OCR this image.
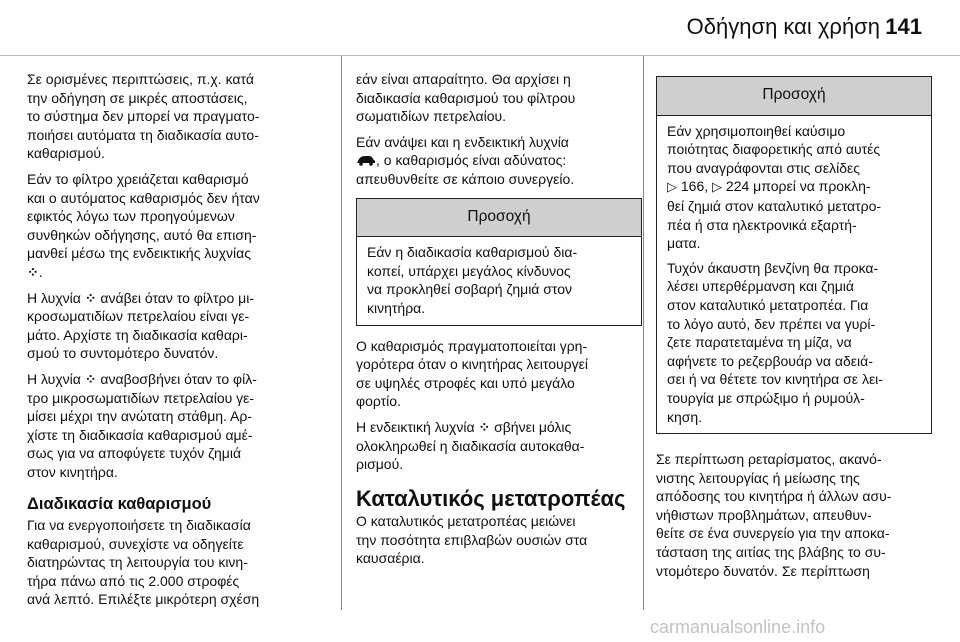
Οδήγηση και χρήση 141

Σε ορισμένες περιπτώσεις, π.χ. κατά
την οδήγηση σε μικρές αποστάσεις,
το σύστημα δεν μπορεί να πραγματο-
ποιήσει αυτόματα τη διαδικασία αυτο-
καθαρισμού.

Εάν το φίλτρο χρειάζεται καθαρισμό
και ο αυτόματος καθαρισμός δεν ήταν
εφικτός λόγω των προηγούμενων
συνθηκών οδήγησης, αυτό θα επιση-
μανθεί μέσω της ενδεικτικής λυχνίας
⁘.

Η λυχνία ⁘ ανάβει όταν το φίλτρο μι-
κροσωματιδίων πετρελαίου είναι γε-
μάτο. Αρχίστε τη διαδικασία καθαρι-
σμού το συντομότερο δυνατόν.

Η λυχνία ⁘ αναβοσβήνει όταν το φίλ-
τρο μικροσωματιδίων πετρελαίου γε-
μίσει μέχρι την ανώτατη στάθμη. Αρ-
χίστε τη διαδικασία καθαρισμού αμέ-
σως για να αποφύγετε τυχόν ζημιά
στον κινητήρα.

Διαδικασία καθαρισμού

Για να ενεργοποιήσετε τη διαδικασία
καθαρισμού, συνεχίστε να οδηγείτε
διατηρώντας τη λειτουργία του κινη-
τήρα πάνω από τις 2.000 στροφές
ανά λεπτό. Επιλέξτε μικρότερη σχέση

εάν είναι απαραίτητο. Θα αρχίσει η
διαδικασία καθαρισμού του φίλτρου
σωματιδίων πετρελαίου.

Εάν ανάψει και η ενδεικτική λυχνία
, ο καθαρισμός είναι αδύνατος:
απευθυνθείτε σε κάποιο συνεργείο.

Προσοχή

Εάν η διαδικασία καθαρισμού δια-
κοπεί, υπάρχει μεγάλος κίνδυνος
να προκληθεί σοβαρή ζημιά στον
κινητήρα.

Ο καθαρισμός πραγματοποιείται γρη-
γορότερα όταν ο κινητήρας λειτουργεί
σε υψηλές στροφές και υπό μεγάλο
φορτίο.

Η ενδεικτική λυχνία ⁘ σβήνει μόλις
ολοκληρωθεί η διαδικασία αυτοκαθα-
ρισμού.

Καταλυτικός μετατροπέας

Ο καταλυτικός μετατροπέας μειώνει
την ποσότητα επιβλαβών ουσιών στα
καυσαέρια.

Προσοχή

Εάν χρησιμοποιηθεί καύσιμο
ποιότητας διαφορετικής από αυτές
που αναγράφονται στις σελίδες
▷ 166, ▷ 224 μπορεί να προκλη-
θεί ζημιά στον καταλυτικό μετατρο-
πέα ή στα ηλεκτρονικά εξαρτή-
ματα.

Τυχόν άκαυστη βενζίνη θα προκα-
λέσει υπερθέρμανση και ζημιά
στον καταλυτικό μετατροπέα. Για
το λόγο αυτό, δεν πρέπει να γυρί-
ζετε παρατεταμένα τη μίζα, να
αφήνετε το ρεζερβουάρ να αδειά-
σει ή να θέτετε τον κινητήρα σε λει-
τουργία με σπρώξιμο ή ρυμούλ-
κηση.

Σε περίπτωση ρεταρίσματος, ακανό-
νιστης λειτουργίας ή μείωσης της
απόδοσης του κινητήρα ή άλλων ασυ-
νήθιστων προβλημάτων, απευθυν-
θείτε σε ένα συνεργείο για την αποκα-
τάσταση της αιτίας της βλάβης το συ-
ντομότερο δυνατόν. Σε περίπτωση

carmanualsonline.info
